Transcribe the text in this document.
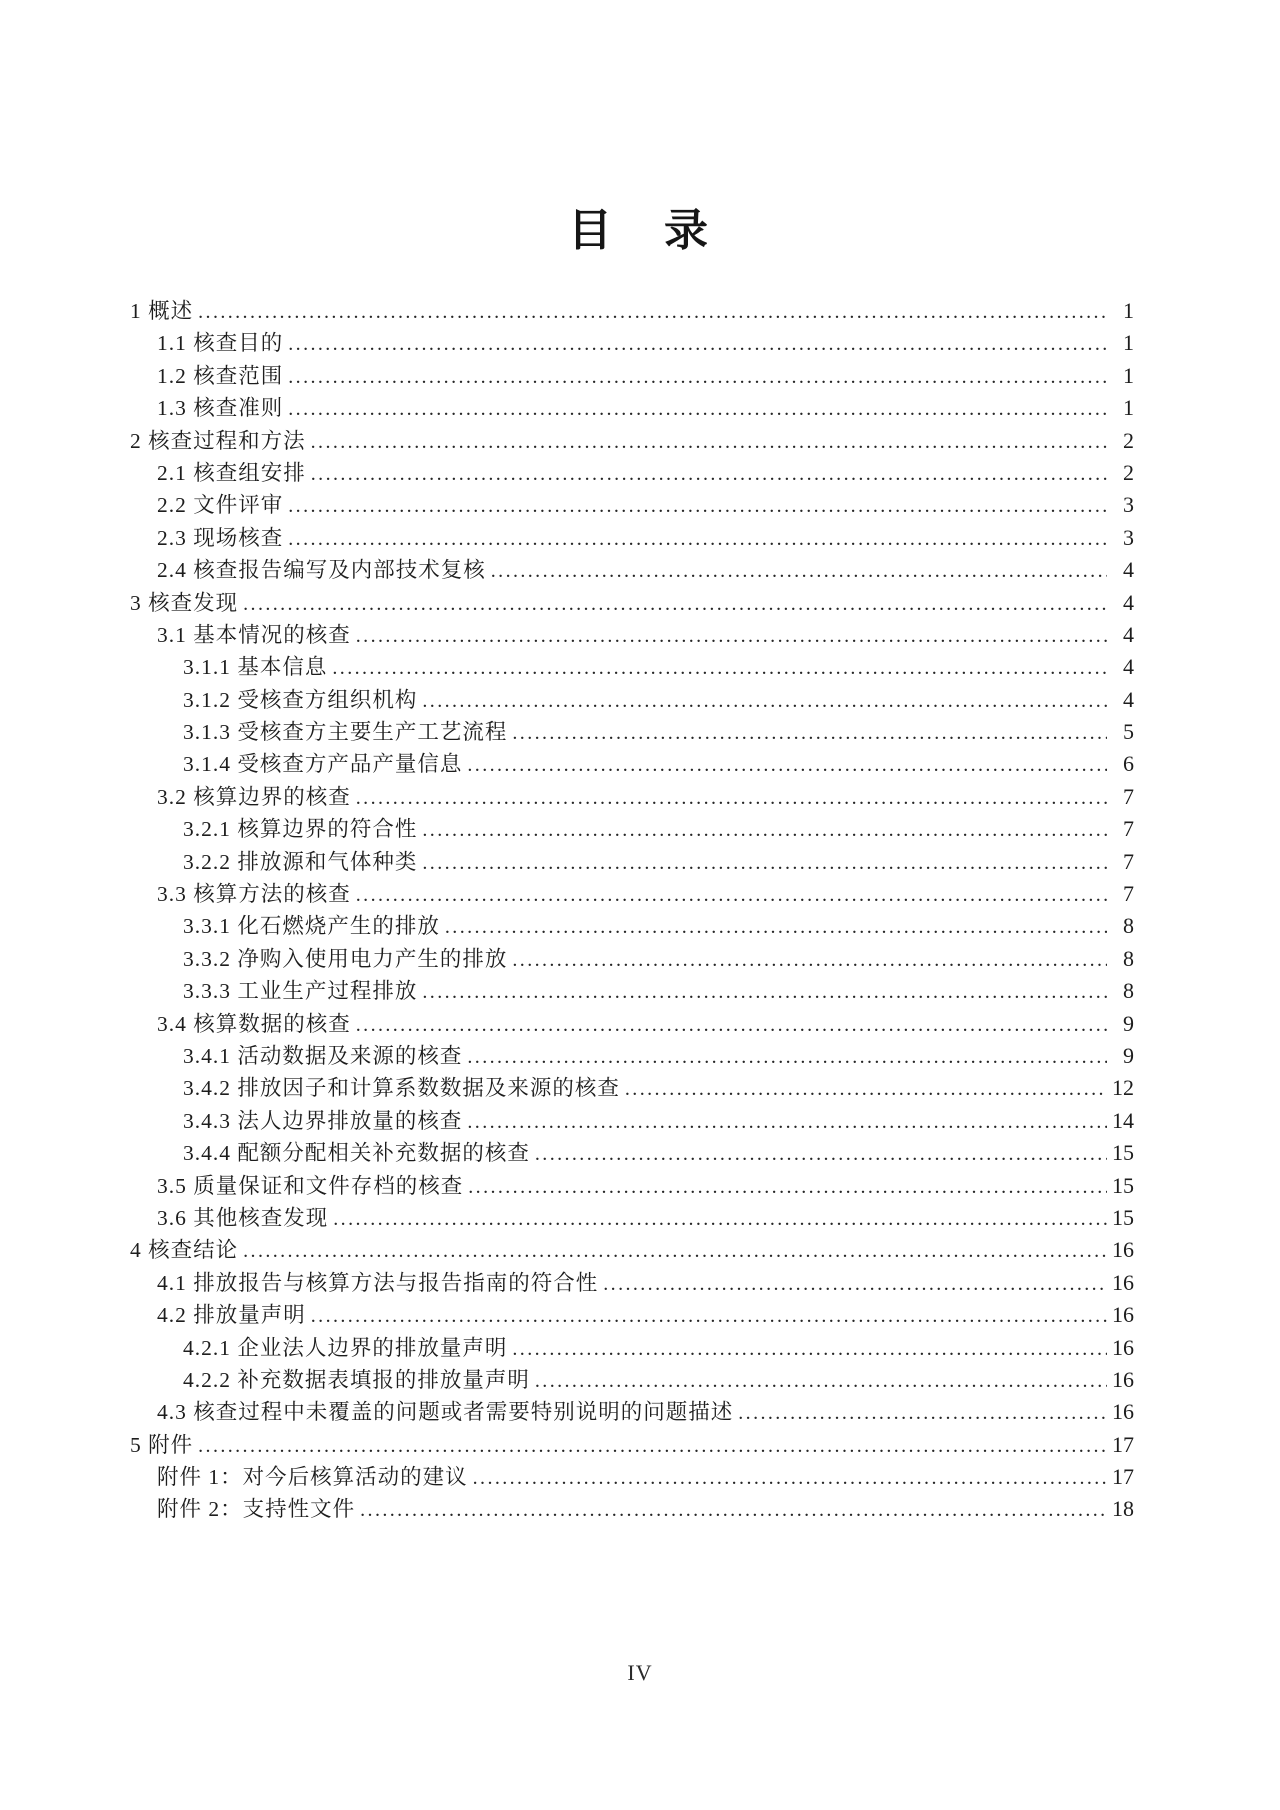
目　录
1 概述 .....	1
1.1 核查目的 .....	1
1.2 核查范围 .....	1
1.3 核查准则 .....	1
2 核查过程和方法 .....	2
2.1 核查组安排 .....	2
2.2 文件评审 .....	3
2.3 现场核查 .....	3
2.4 核查报告编写及内部技术复核 .....	4
3 核查发现 .....	4
3.1 基本情况的核查 .....	4
3.1.1 基本信息 .....	4
3.1.2 受核查方组织机构 .....	4
3.1.3 受核查方主要生产工艺流程 .....	5
3.1.4 受核查方产品产量信息 .....	6
3.2 核算边界的核查 .....	7
3.2.1 核算边界的符合性 .....	7
3.2.2 排放源和气体种类 .....	7
3.3 核算方法的核查 .....	7
3.3.1 化石燃烧产生的排放 .....	8
3.3.2 净购入使用电力产生的排放 .....	8
3.3.3 工业生产过程排放 .....	8
3.4 核算数据的核查 .....	9
3.4.1 活动数据及来源的核查 .....	9
3.4.2 排放因子和计算系数数据及来源的核查 .....	12
3.4.3 法人边界排放量的核查 .....	14
3.4.4 配额分配相关补充数据的核查 .....	15
3.5 质量保证和文件存档的核查 .....	15
3.6 其他核查发现 .....	15
4 核查结论 .....	16
4.1 排放报告与核算方法与报告指南的符合性 .....	16
4.2 排放量声明 .....	16
4.2.1 企业法人边界的排放量声明 .....	16
4.2.2 补充数据表填报的排放量声明 .....	16
4.3 核查过程中未覆盖的问题或者需要特别说明的问题描述 .....	16
5 附件 .....	17
附件 1：对今后核算活动的建议 .....	17
附件 2：支持性文件 .....	18
IV
